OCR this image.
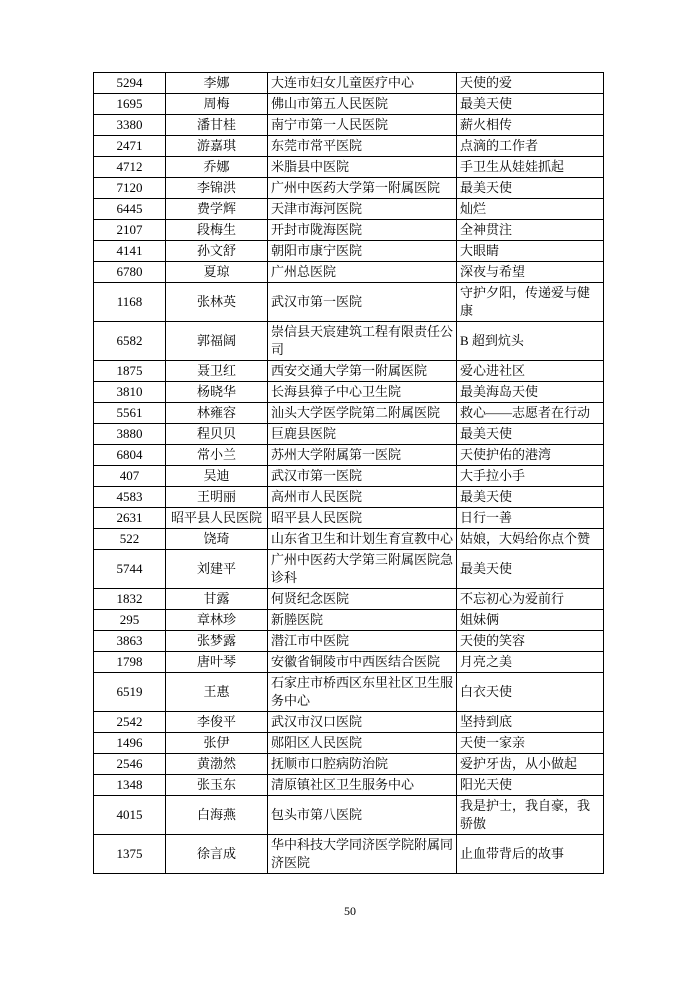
5294	李娜	大连市妇女儿童医疗中心	天使的爱
1695	周梅	佛山市第五人民医院	最美天使
3380	潘甘桂	南宁市第一人民医院	薪火相传
2471	游嘉琪	东莞市常平医院	点滴的工作者
4712	乔娜	米脂县中医院	手卫生从娃娃抓起
7120	李锦洪	广州中医药大学第一附属医院	最美天使
6445	费学辉	天津市海河医院	灿烂
2107	段梅生	开封市陇海医院	全神贯注
4141	孙文舒	朝阳市康宁医院	大眼睛
6780	夏琼	广州总医院	深夜与希望
1168	张林英	武汉市第一医院	守护夕阳，传递爱与健康
6582	郭福阔	崇信县天宸建筑工程有限责任公司	B 超到炕头
1875	聂卫红	西安交通大学第一附属医院	爱心进社区
3810	杨晓华	长海县獐子中心卫生院	最美海岛天使
5561	林雍容	汕头大学医学院第二附属医院	救心——志愿者在行动
3880	程贝贝	巨鹿县医院	最美天使
6804	常小兰	苏州大学附属第一医院	天使护佑的港湾
407	吴迪	武汉市第一医院	大手拉小手
4583	王明丽	高州市人民医院	最美天使
2631	昭平县人民医院	昭平县人民医院	日行一善
522	饶琦	山东省卫生和计划生育宣教中心	姑娘，大妈给你点个赞
5744	刘建平	广州中医药大学第三附属医院急诊科	最美天使
1832	甘露	何贤纪念医院	不忘初心为爱前行
295	章林珍	新塍医院	姐妹俩
3863	张梦露	潜江市中医院	天使的笑容
1798	唐叶琴	安徽省铜陵市中西医结合医院	月亮之美
6519	王惠	石家庄市桥西区东里社区卫生服务中心	白衣天使
2542	李俊平	武汉市汉口医院	坚持到底
1496	张伊	郧阳区人民医院	天使一家亲
2546	黄渤然	抚顺市口腔病防治院	爱护牙齿，从小做起
1348	张玉东	清原镇社区卫生服务中心	阳光天使
4015	白海燕	包头市第八医院	我是护士，我自豪，我骄傲
1375	徐言成	华中科技大学同济医学院附属同济医院	止血带背后的故事
50
